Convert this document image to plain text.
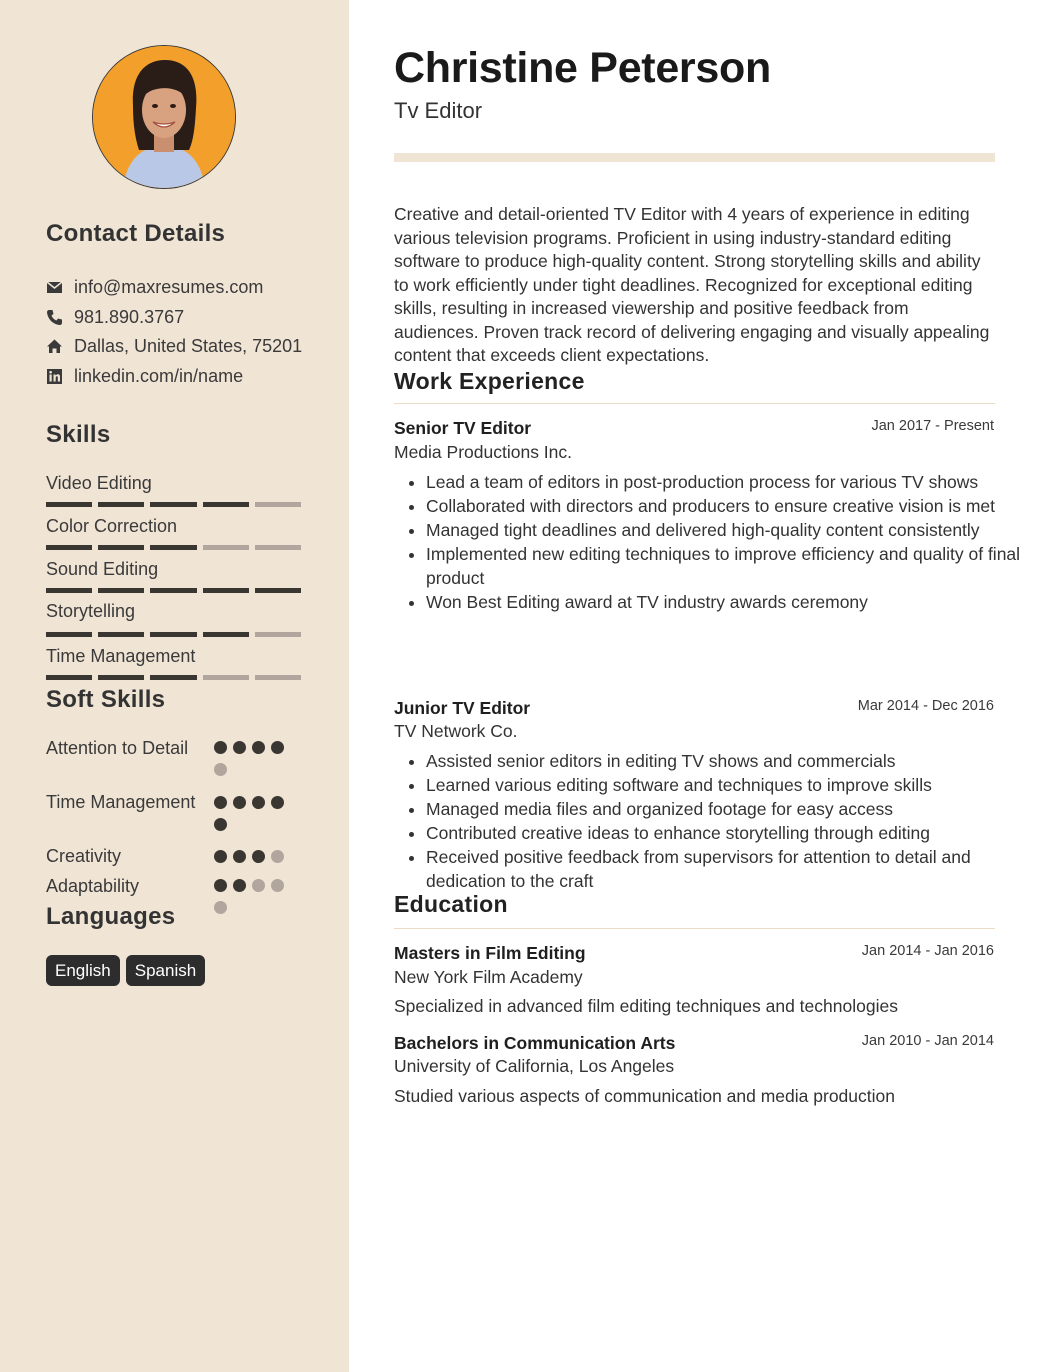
Contact Details
info@maxresumes.com
981.890.3767
Dallas, United States, 75201
linkedin.com/in/name
Skills
Video Editing
Color Correction
Sound Editing
Storytelling
Time Management
Soft Skills
Attention to Detail
Time Management
Creativity
Adaptability
Languages
English	Spanish
Christine Peterson
Tv Editor

Creative and detail-oriented TV Editor with 4 years of experience in editing various television programs. Proficient in using industry-standard editing software to produce high-quality content. Strong storytelling skills and ability to work efficiently under tight deadlines. Recognized for exceptional editing skills, resulting in increased viewership and positive feedback from audiences. Proven track record of delivering engaging and visually appealing content that exceeds client expectations.

Work Experience
Senior TV Editor	Jan 2017 - Present
Media Productions Inc.
• Lead a team of editors in post-production process for various TV shows
• Collaborated with directors and producers to ensure creative vision is met
• Managed tight deadlines and delivered high-quality content consistently
• Implemented new editing techniques to improve efficiency and quality of final product
• Won Best Editing award at TV industry awards ceremony
Junior TV Editor	Mar 2014 - Dec 2016
TV Network Co.
• Assisted senior editors in editing TV shows and commercials
• Learned various editing software and techniques to improve skills
• Managed media files and organized footage for easy access
• Contributed creative ideas to enhance storytelling through editing
• Received positive feedback from supervisors for attention to detail and dedication to the craft
Education
Masters in Film Editing	Jan 2014 - Jan 2016
New York Film Academy
Specialized in advanced film editing techniques and technologies
Bachelors in Communication Arts	Jan 2010 - Jan 2014
University of California, Los Angeles
Studied various aspects of communication and media production
